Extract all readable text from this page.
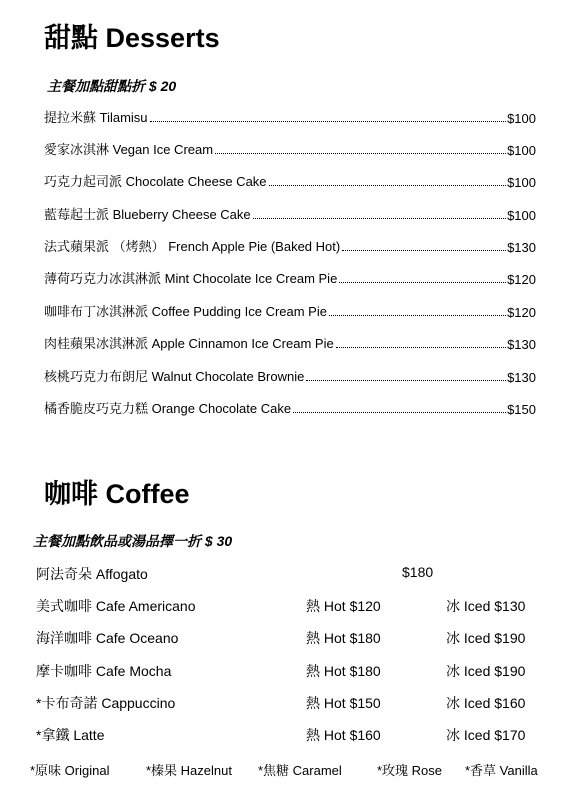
甜點 Desserts
主餐加點甜點折 $ 20
提拉米蘇 Tilamisu	$100
愛家冰淇淋 Vegan Ice Cream	$100
巧克力起司派 Chocolate Cheese Cake	$100
藍莓起士派 Blueberry Cheese Cake	$100
法式蘋果派 （烤熱） French Apple Pie (Baked Hot)	$130
薄荷巧克力冰淇淋派 Mint Chocolate Ice Cream Pie	$120
咖啡布丁冰淇淋派 Coffee Pudding Ice Cream Pie	$120
肉桂蘋果冰淇淋派 Apple Cinnamon Ice Cream Pie	$130
核桃巧克力布朗尼 Walnut Chocolate Brownie	$130
橘香脆皮巧克力糕 Orange Chocolate Cake	$150
咖啡 Coffee
主餐加點飲品或湯品擇一折 $ 30
阿法奇朵 Affogato	$180
美式咖啡 Cafe Americano	熱 Hot $120	冰 Iced $130
海洋咖啡 Cafe Oceano	熱 Hot $180	冰 Iced $190
摩卡咖啡 Cafe Mocha	熱 Hot $180	冰 Iced $190
*卡布奇諾 Cappuccino	熱 Hot $150	冰 Iced $160
*拿鐵 Latte	熱 Hot $160	冰 Iced $170
*原味 Original	*榛果 Hazelnut *焦糖 Caramel	*玫瑰 Rose *香草 Vanilla
